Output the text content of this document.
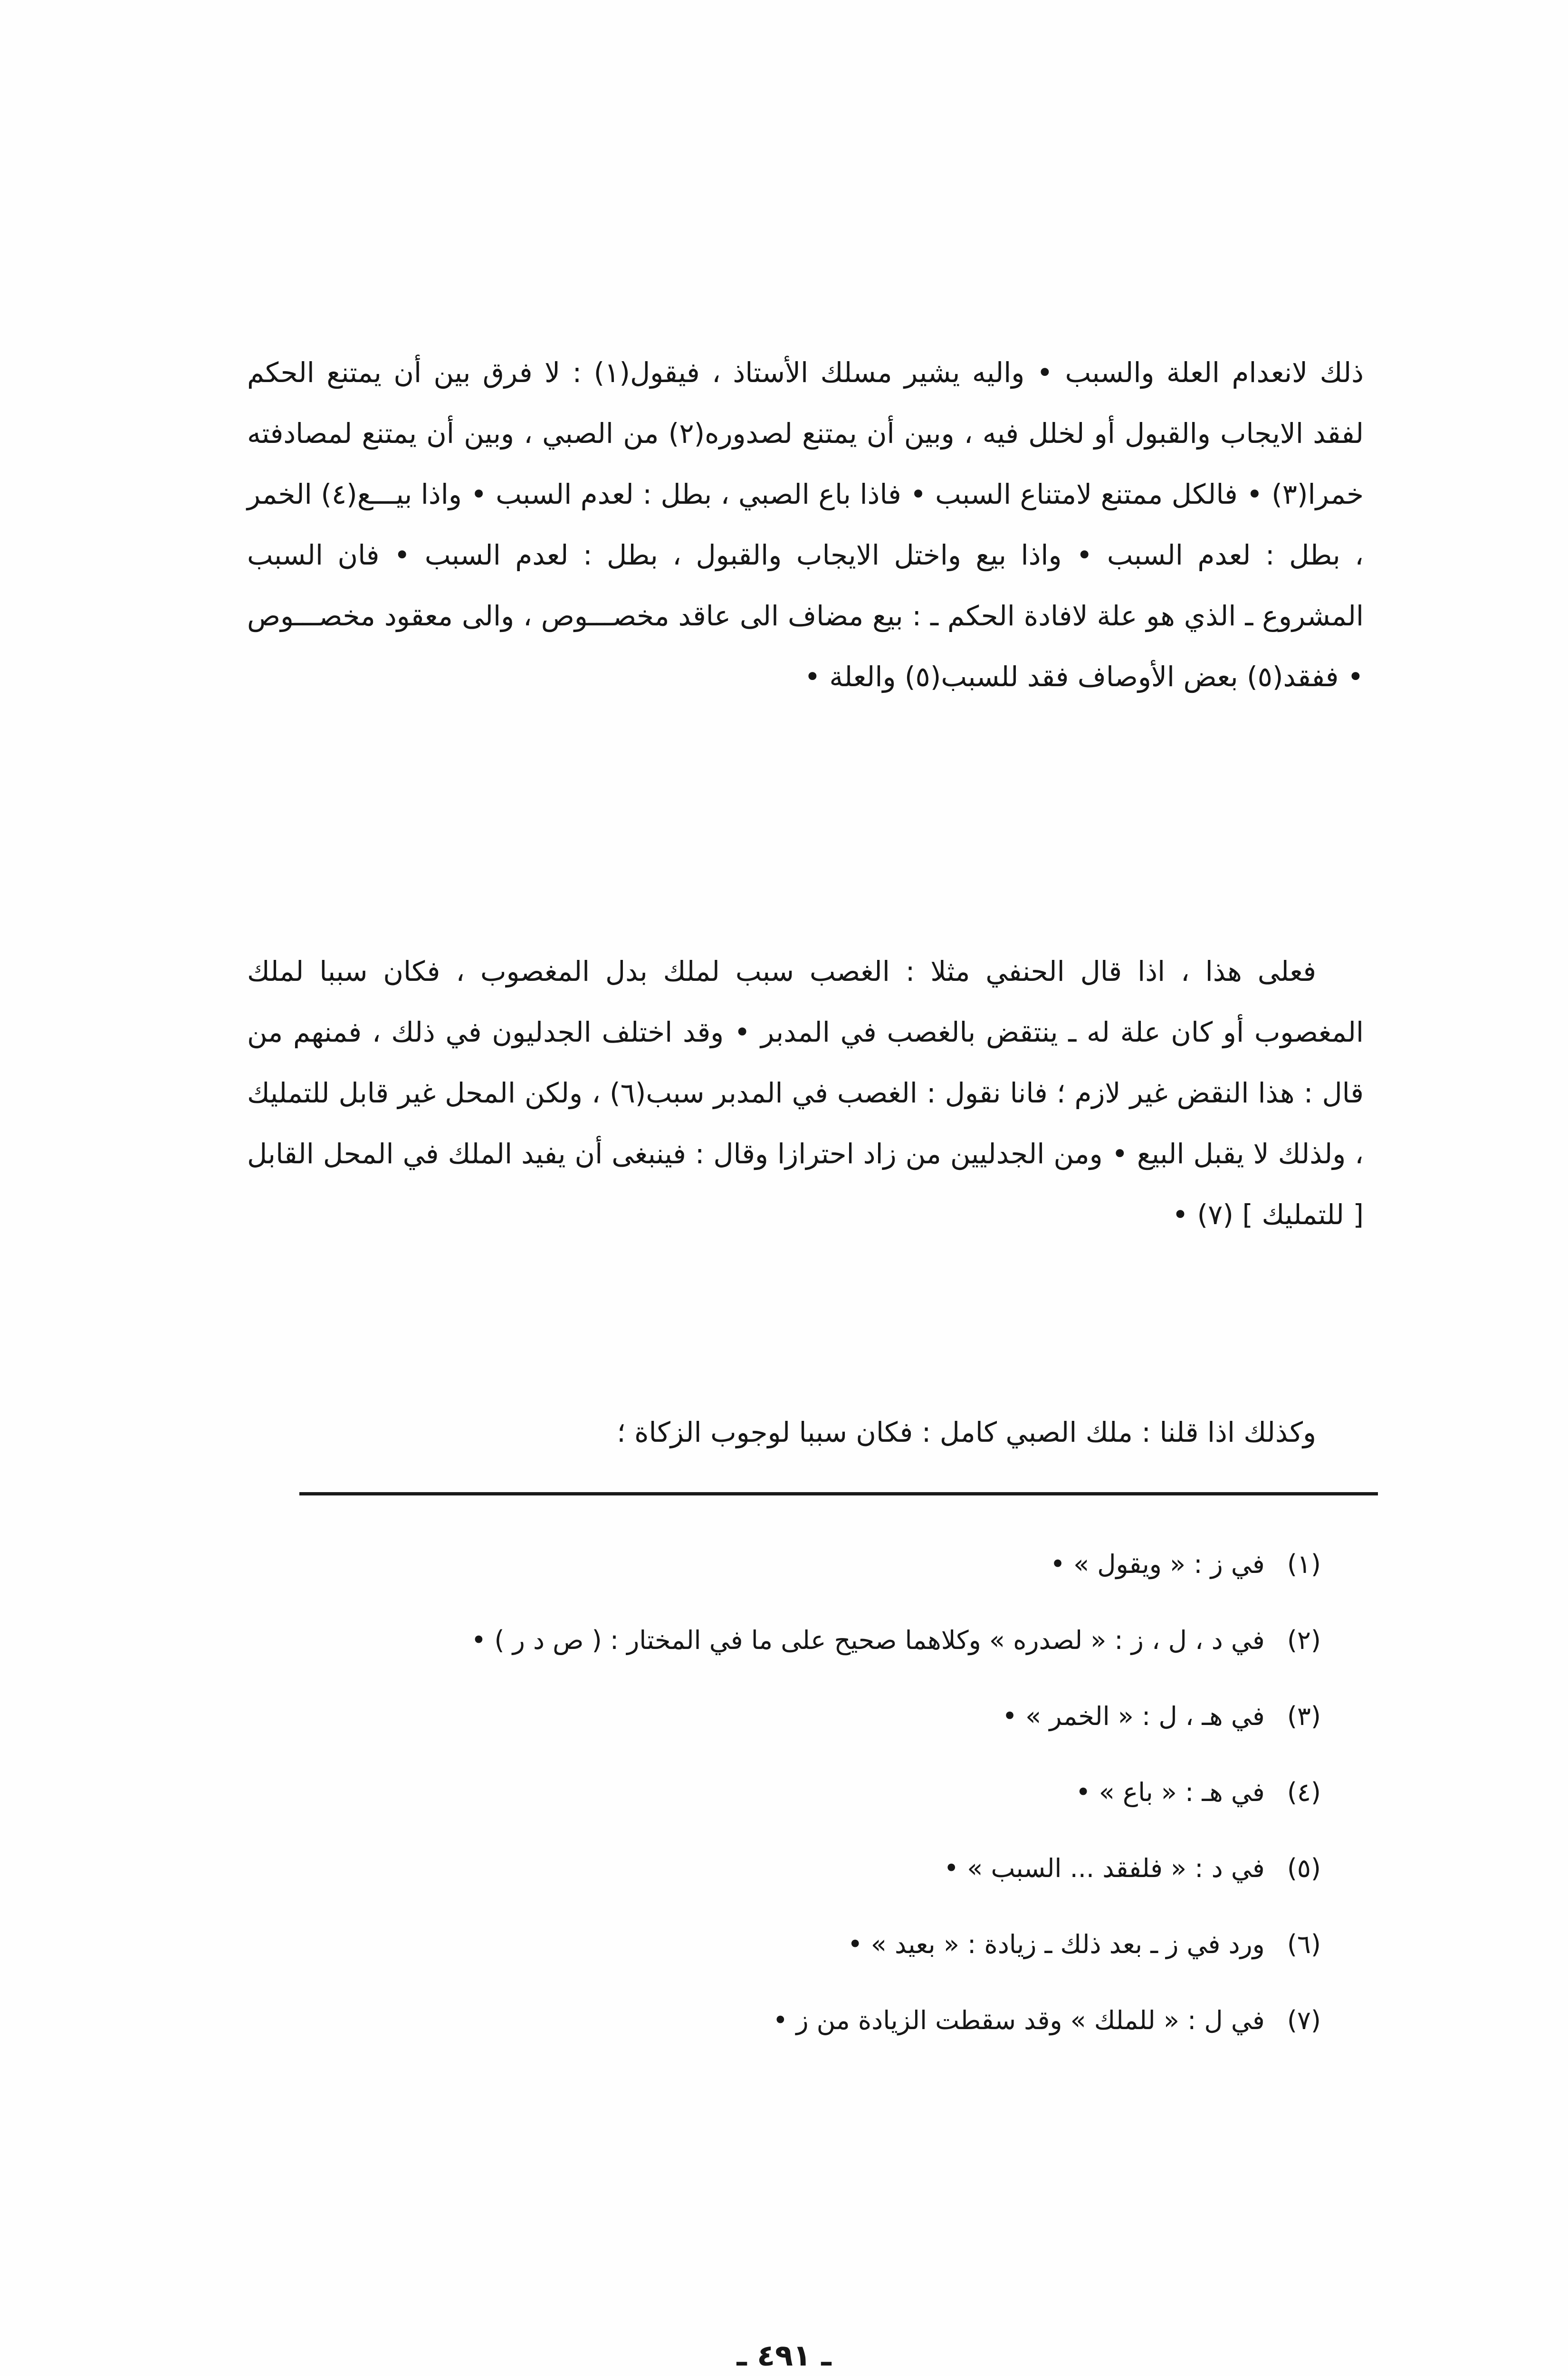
ذلك لانعدام العلة والسبب • واليه يشير مسلك الأستاذ ، فيقول(١) : لا فرق بين أن يمتنع الحكم لفقد الايجاب والقبول أو لخلل فيه ، وبين أن يمتنع لصدوره(٢) من الصبي ، وبين أن يمتنع لمصادفته خمرا(٣) • فالكل ممتنع لامتناع السبب • فاذا باع الصبي ، بطل : لعدم السبب • واذا بيـــع(٤) الخمر ، بطل : لعدم السبب • واذا بيع واختل الايجاب والقبول ، بطل : لعدم السبب • فان السبب المشروع ـ الذي هو علة لافادة الحكم ـ : بيع مضاف الى عاقد مخصـــوص ، والى معقود مخصـــوص • ففقد(٥) بعض الأوصاف فقد للسبب(٥) والعلة •

فعلى هذا ، اذا قال الحنفي مثلا : الغصب سبب لملك بدل المغصوب ، فكان سببا لملك المغصوب أو كان علة له ـ ينتقض بالغصب في المدبر • وقد اختلف الجدليون في ذلك ، فمنهم من قال : هذا النقض غير لازم ؛ فانا نقول : الغصب في المدبر سبب(٦) ، ولكن المحل غير قابل للتمليك ، ولذلك لا يقبل البيع • ومن الجدليين من زاد احترازا وقال : فينبغى أن يفيد الملك في المحل القابل [ للتمليك ] (٧) •

وكذلك اذا قلنا : ملك الصبي كامل : فكان سببا لوجوب الزكاة ؛

(١) في ز : « ويقول » •

(٢) في د ، ل ، ز : « لصدره » وكلاهما صحيح على ما في المختار : ( ص د ر ) •

(٣) في هـ ، ل : « الخمر » •

(٤) في هـ : « باع » •

(٥) في د : « فلفقد ... السبب » •

(٦) ورد في ز ـ بعد ذلك ـ زيادة : « بعيد » •

(٧) في ل : « للملك » وقد سقطت الزيادة من ز •

ـ ٤٩١ ـ
